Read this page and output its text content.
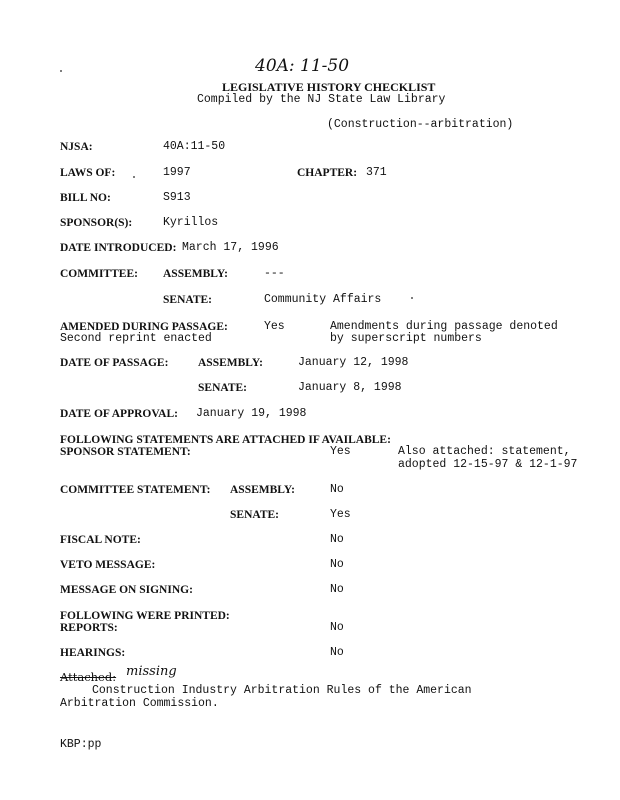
40A: 11-50
LEGISLATIVE HISTORY CHECKLIST
Compiled by the NJ State Law Library
(Construction--arbitration)
NJSA:	40A:11-50
LAWS OF:	1997	CHAPTER: 371
BILL NO:	S913
SPONSOR(S):	Kyrillos
DATE INTRODUCED: March 17, 1996
COMMITTEE: ASSEMBLY:	---
SENATE:	Community Affairs
AMENDED DURING PASSAGE:	Yes	Amendments during passage denoted
Second reprint enacted	by superscript numbers
DATE OF PASSAGE:	ASSEMBLY:	January 12, 1998
SENATE:	January 8, 1998
DATE OF APPROVAL: January 19, 1998
FOLLOWING STATEMENTS ARE ATTACHED IF AVAILABLE:
SPONSOR STATEMENT:	Yes	Also attached: statement,
adopted 12-15-97 & 12-1-97
COMMITTEE STATEMENT: ASSEMBLY:	No
SENATE:	Yes
FISCAL NOTE:	No
VETO MESSAGE:	No
MESSAGE ON SIGNING:	No
FOLLOWING WERE PRINTED:
REPORTS:	No
HEARINGS:	No
Attached: missing
Construction Industry Arbitration Rules of the American
Arbitration Commission.
KBP:pp
